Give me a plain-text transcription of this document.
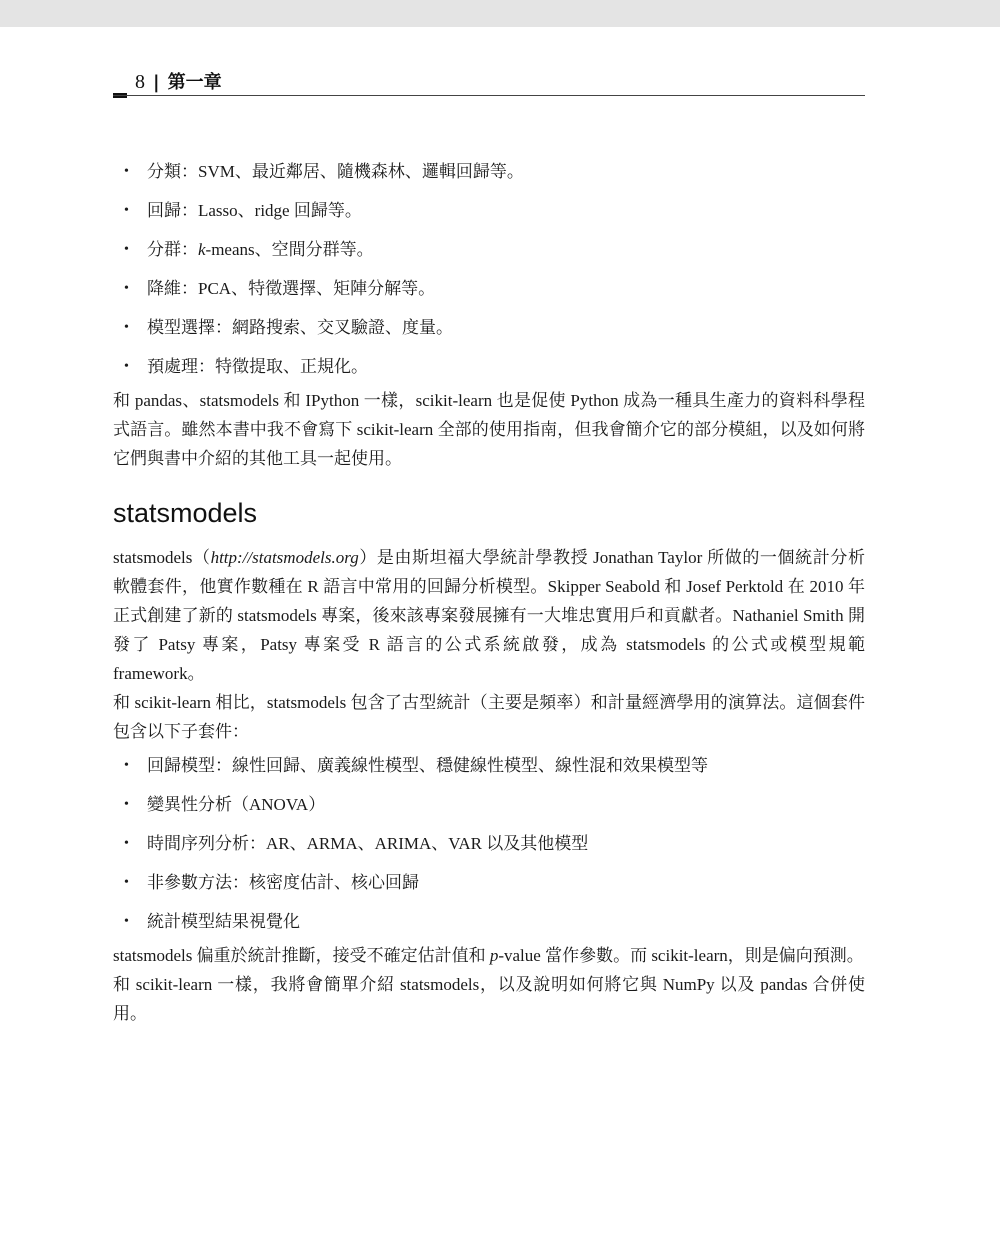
8 | 第一章
• 分類：SVM、最近鄰居、隨機森林、邏輯回歸等。
• 回歸：Lasso、ridge 回歸等。
• 分群：k-means、空間分群等。
• 降維：PCA、特徵選擇、矩陣分解等。
• 模型選擇：網路搜索、交叉驗證、度量。
• 預處理：特徵提取、正規化。

和 pandas、statsmodels 和 IPython 一樣，scikit-learn 也是促使 Python 成為一種具生產力的資料科學程式語言。雖然本書中我不會寫下 scikit-learn 全部的使用指南，但我會簡介它的部分模組，以及如何將它們與書中介紹的其他工具一起使用。

statsmodels

statsmodels（http://statsmodels.org）是由斯坦福大學統計學教授 Jonathan Taylor 所做的一個統計分析軟體套件，他實作數種在 R 語言中常用的回歸分析模型。Skipper Seabold 和 Josef Perktold 在 2010 年正式創建了新的 statsmodels 專案，後來該專案發展擁有一大堆忠實用戶和貢獻者。Nathaniel Smith 開發了 Patsy 專案，Patsy 專案受 R 語言的公式系統啟發，成為 statsmodels 的公式或模型規範 framework。

和 scikit-learn 相比，statsmodels 包含了古型統計（主要是頻率）和計量經濟學用的演算法。這個套件包含以下子套件：

• 回歸模型：線性回歸、廣義線性模型、穩健線性模型、線性混和效果模型等
• 變異性分析（ANOVA）
• 時間序列分析：AR、ARMA、ARIMA、VAR 以及其他模型
• 非參數方法：核密度估計、核心回歸
• 統計模型結果視覺化

statsmodels 偏重於統計推斷，接受不確定估計值和 p-value 當作參數。而 scikit-learn，則是偏向預測。

和 scikit-learn 一樣，我將會簡單介紹 statsmodels，以及說明如何將它與 NumPy 以及 pandas 合併使用。
